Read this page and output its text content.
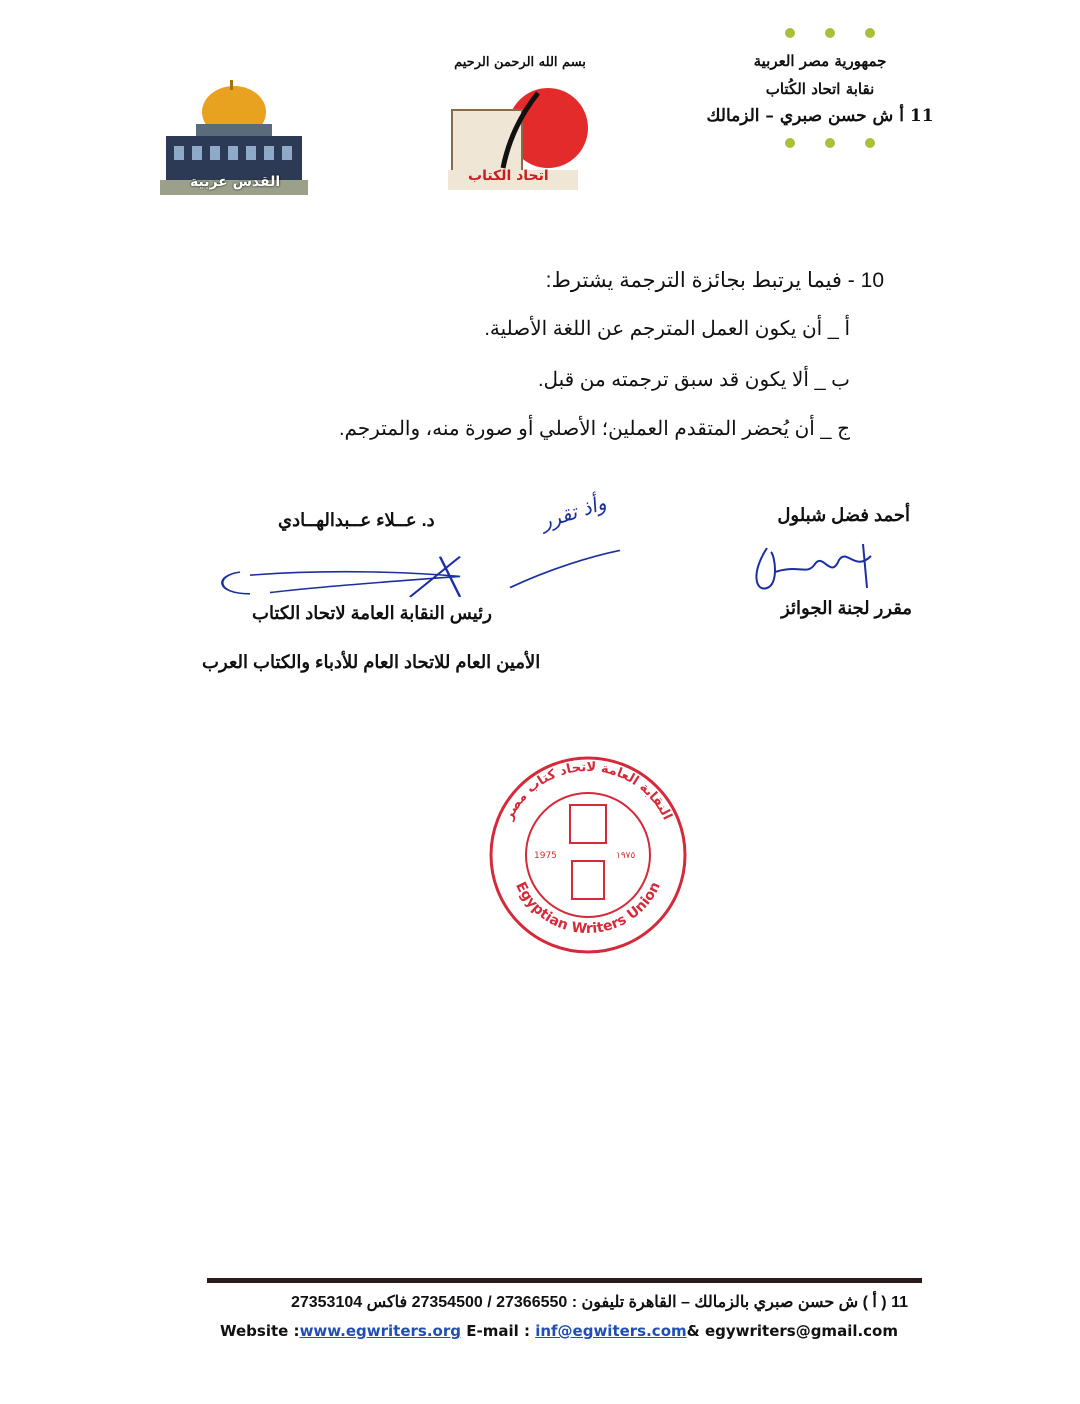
جمهورية مصر العربية
نقابة اتحاد الكُتاب
11 أ ش حسن صبري – الزمالك
بسم الله الرحمن الرحيم
اتحاد الكتاب
القدس عربية
10 - فيما يرتبط بجائزة الترجمة يشترط:
أ _ أن يكون العمل المترجم عن اللغة الأصلية.
ب _ ألا يكون قد سبق ترجمته من قبل.
ج _ أن يُحضر المتقدم العملين؛ الأصلي أو صورة منه، والمترجم.
أحمد فضل شبلول
مقرر لجنة الجوائز
د. عــلاء عــبدالهــادي	وأذ تقرر
رئيس النقابة العامة لاتحاد الكتاب
الأمين العام للاتحاد العام للأدباء والكتاب العرب
النقابة العامة لاتحاد كتاب مصر
Egyptian Writers Union
1975	١٩٧٥
11 ( أ ) ش حسن صبري بالزمالك – القاهرة تليفون : 27366550 / 27354500 فاكس 27353104
Website :www.egwriters.org E-mail : inf@egwiters.com& egywriters@gmail.com
